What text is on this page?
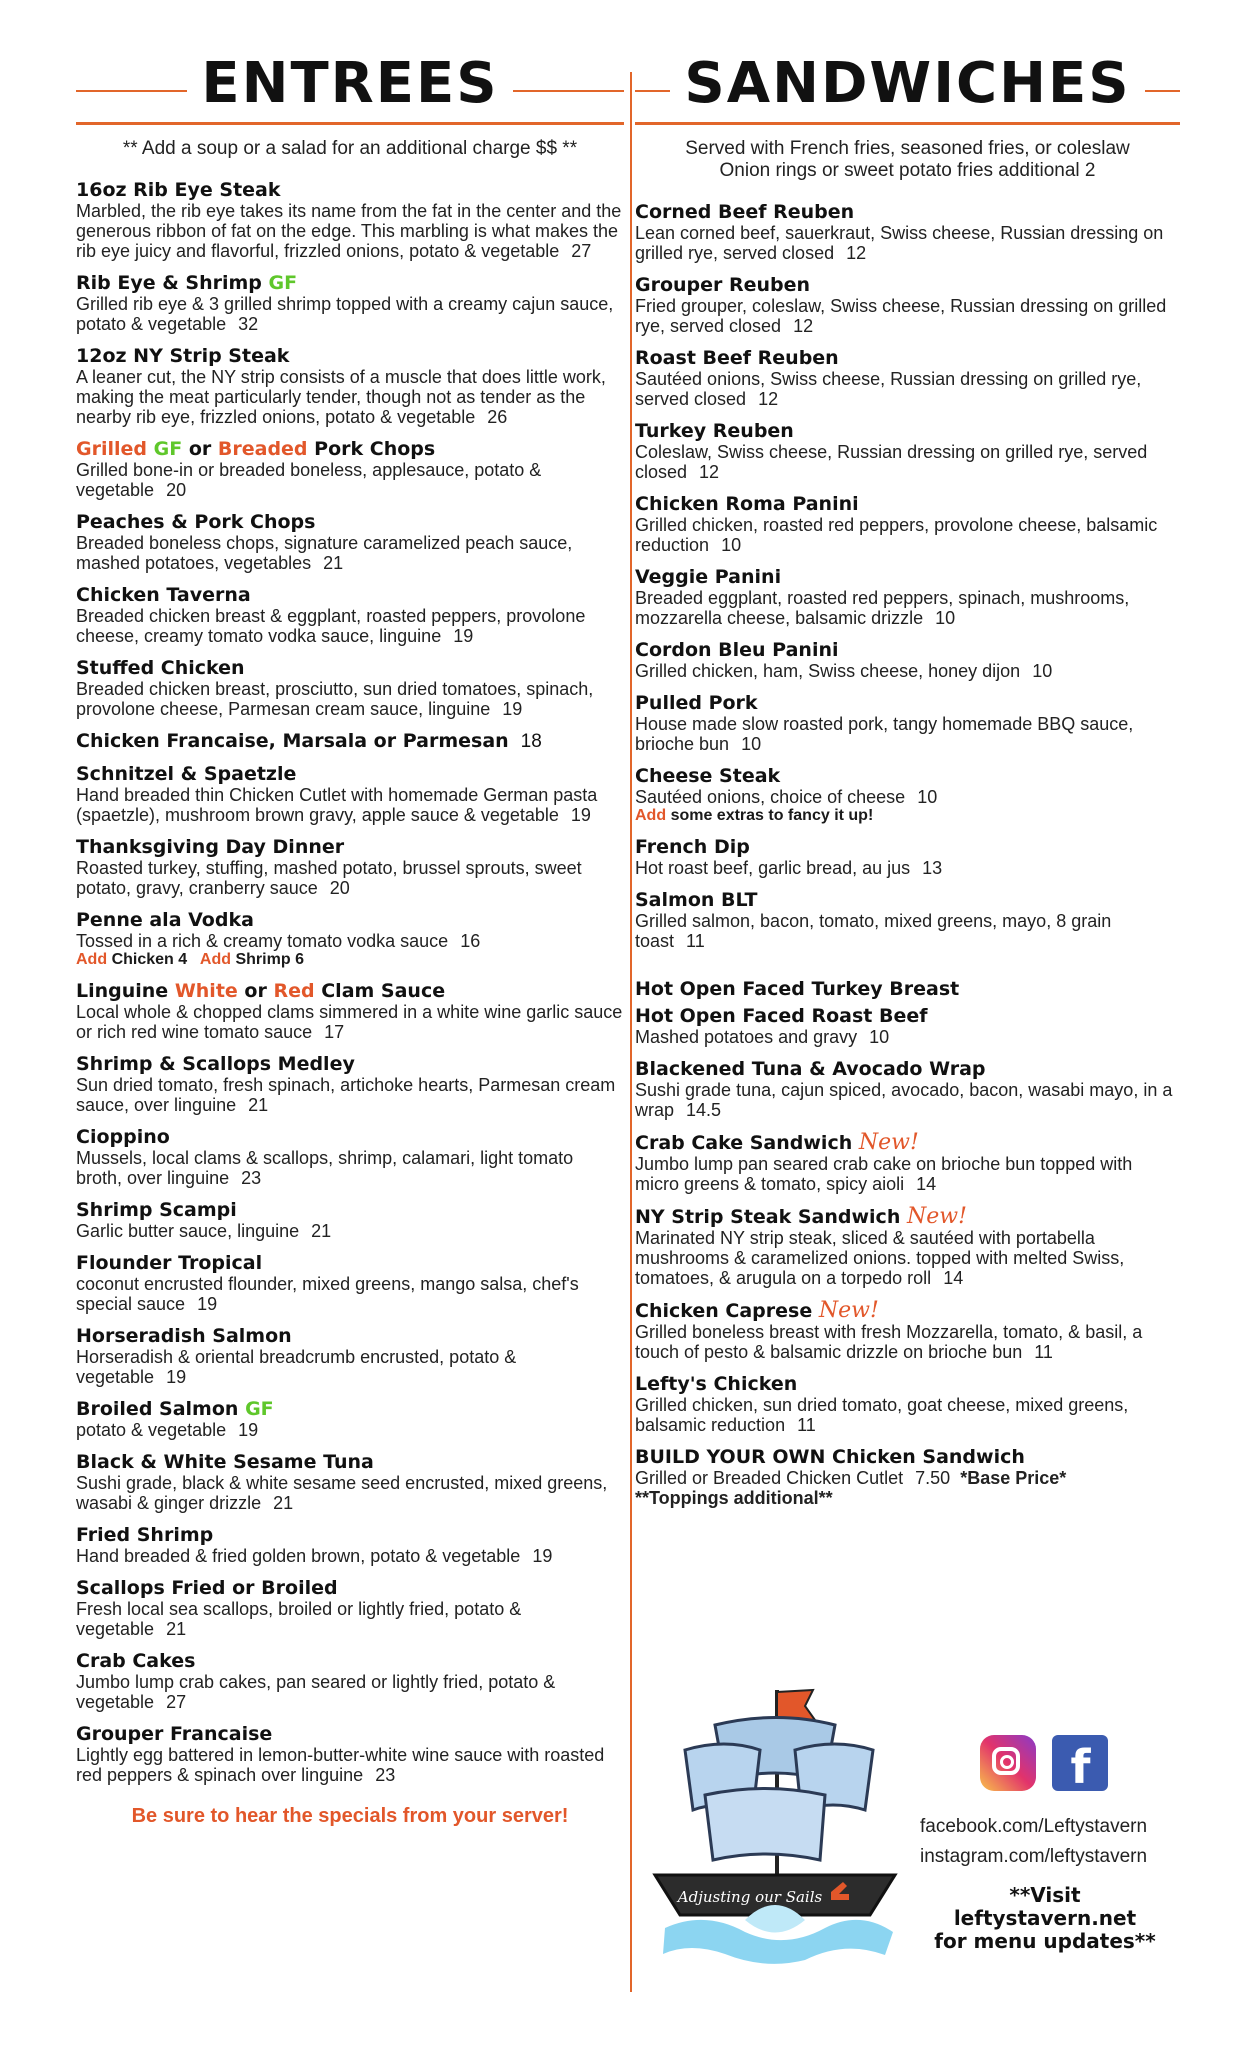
ENTREES
** Add a soup or a salad for an additional charge $$ **
16oz Rib Eye Steak
Marbled, the rib eye takes its name from the fat in the center and the generous ribbon of fat on the edge. This marbling is what makes the rib eye juicy and flavorful, frizzled onions, potato & vegetable 27
Rib Eye & Shrimp GF
Grilled rib eye & 3 grilled shrimp topped with a creamy cajun sauce, potato & vegetable 32
12oz NY Strip Steak
A leaner cut, the NY strip consists of a muscle that does little work, making the meat particularly tender, though not as tender as the nearby rib eye, frizzled onions, potato & vegetable 26
Grilled GF or Breaded Pork Chops
Grilled bone-in or breaded boneless, applesauce, potato & vegetable 20
Peaches & Pork Chops
Breaded boneless chops, signature caramelized peach sauce, mashed potatoes, vegetables 21
Chicken Taverna
Breaded chicken breast & eggplant, roasted peppers, provolone cheese, creamy tomato vodka sauce, linguine 19
Stuffed Chicken
Breaded chicken breast, prosciutto, sun dried tomatoes, spinach, provolone cheese, Parmesan cream sauce, linguine 19
Chicken Francaise, Marsala or Parmesan 18
Schnitzel & Spaetzle
Hand breaded thin Chicken Cutlet with homemade German pasta (spaetzle), mushroom brown gravy, apple sauce & vegetable 19
Thanksgiving Day Dinner
Roasted turkey, stuffing, mashed potato, brussel sprouts, sweet potato, gravy, cranberry sauce 20
Penne ala Vodka
Tossed in a rich & creamy tomato vodka sauce 16
Add Chicken 4 Add Shrimp 6
Linguine White or Red Clam Sauce
Local whole & chopped clams simmered in a white wine garlic sauce or rich red wine tomato sauce 17
Shrimp & Scallops Medley
Sun dried tomato, fresh spinach, artichoke hearts, Parmesan cream sauce, over linguine 21
Cioppino
Mussels, local clams & scallops, shrimp, calamari, light tomato broth, over linguine 23
Shrimp Scampi
Garlic butter sauce, linguine 21
Flounder Tropical
coconut encrusted flounder, mixed greens, mango salsa, chef's special sauce 19
Horseradish Salmon
Horseradish & oriental breadcrumb encrusted, potato & vegetable 19
Broiled Salmon GF
potato & vegetable 19
Black & White Sesame Tuna
Sushi grade, black & white sesame seed encrusted, mixed greens, wasabi & ginger drizzle 21
Fried Shrimp
Hand breaded & fried golden brown, potato & vegetable 19
Scallops Fried or Broiled
Fresh local sea scallops, broiled or lightly fried, potato & vegetable 21
Crab Cakes
Jumbo lump crab cakes, pan seared or lightly fried, potato & vegetable 27
Grouper Francaise
Lightly egg battered in lemon-butter-white wine sauce with roasted red peppers & spinach over linguine 23
Be sure to hear the specials from your server!
SANDWICHES
Served with French fries, seasoned fries, or coleslaw
Onion rings or sweet potato fries additional 2
Corned Beef Reuben
Lean corned beef, sauerkraut, Swiss cheese, Russian dressing on grilled rye, served closed 12
Grouper Reuben
Fried grouper, coleslaw, Swiss cheese, Russian dressing on grilled rye, served closed 12
Roast Beef Reuben
Sautéed onions, Swiss cheese, Russian dressing on grilled rye, served closed 12
Turkey Reuben
Coleslaw, Swiss cheese, Russian dressing on grilled rye, served closed 12
Chicken Roma Panini
Grilled chicken, roasted red peppers, provolone cheese, balsamic reduction 10
Veggie Panini
Breaded eggplant, roasted red peppers, spinach, mushrooms, mozzarella cheese, balsamic drizzle 10
Cordon Bleu Panini
Grilled chicken, ham, Swiss cheese, honey dijon 10
Pulled Pork
House made slow roasted pork, tangy homemade BBQ sauce, brioche bun 10
Cheese Steak
Sautéed onions, choice of cheese 10
Add some extras to fancy it up!
French Dip
Hot roast beef, garlic bread, au jus 13
Salmon BLT
Grilled salmon, bacon, tomato, mixed greens, mayo, 8 grain toast 11
Hot Open Faced Turkey Breast
Hot Open Faced Roast Beef
Mashed potatoes and gravy 10
Blackened Tuna & Avocado Wrap
Sushi grade tuna, cajun spiced, avocado, bacon, wasabi mayo, in a wrap 14.5
Crab Cake Sandwich New!
Jumbo lump pan seared crab cake on brioche bun topped with micro greens & tomato, spicy aioli 14
NY Strip Steak Sandwich New!
Marinated NY strip steak, sliced & sautéed with portabella mushrooms & caramelized onions. topped with melted Swiss, tomatoes, & arugula on a torpedo roll 14
Chicken Caprese New!
Grilled boneless breast with fresh Mozzarella, tomato, & basil, a touch of pesto & balsamic drizzle on brioche bun 11
Lefty's Chicken
Grilled chicken, sun dried tomato, goat cheese, mixed greens, balsamic reduction 11
BUILD YOUR OWN Chicken Sandwich
Grilled or Breaded Chicken Cutlet 7.50 *Base Price*
**Toppings additional**
Adjusting our Sails
f
facebook.com/Leftystavern
instagram.com/leftystavern
**Visit leftystavern.net
for menu updates**
